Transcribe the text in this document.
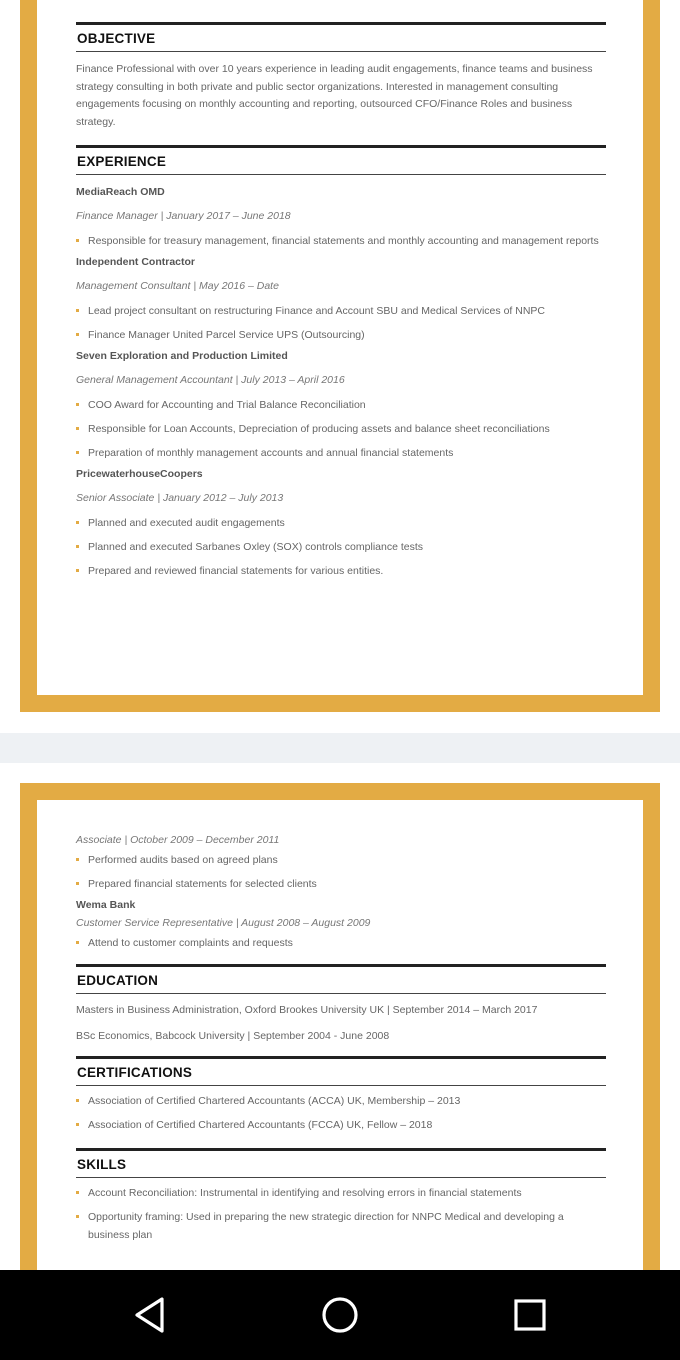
OBJECTIVE

Finance Professional with over 10 years experience in leading audit engagements, finance teams and business strategy consulting in both private and public sector organizations. Interested in management consulting engagements focusing on monthly accounting and reporting, outsourced CFO/Finance Roles and business strategy.

EXPERIENCE
MediaReach OMD
Finance Manager | January 2017 – June 2018
Responsible for treasury management, financial statements and monthly accounting and management reports
Independent Contractor
Management Consultant | May 2016 – Date
Lead project consultant on restructuring Finance and Account SBU and Medical Services of NNPC
Finance Manager United Parcel Service UPS (Outsourcing)
Seven Exploration and Production Limited
General Management Accountant | July 2013 – April 2016
COO Award for Accounting and Trial Balance Reconciliation
Responsible for Loan Accounts, Depreciation of producing assets and balance sheet reconciliations
Preparation of monthly management accounts and annual financial statements
PricewaterhouseCoopers
Senior Associate | January 2012 – July 2013
Planned and executed audit engagements
Planned and executed Sarbanes Oxley (SOX) controls compliance tests
Prepared and reviewed financial statements for various entities.
Associate | October 2009 – December 2011
Performed audits based on agreed plans
Prepared financial statements for selected clients
Wema Bank
Customer Service Representative | August 2008 – August 2009
Attend to customer complaints and requests
EDUCATION
Masters in Business Administration, Oxford Brookes University UK | September 2014 – March 2017
BSc Economics, Babcock University | September 2004 - June 2008
CERTIFICATIONS
Association of Certified Chartered Accountants (ACCA) UK, Membership – 2013
Association of Certified Chartered Accountants (FCCA) UK, Fellow – 2018
SKILLS
Account Reconciliation: Instrumental in identifying and resolving errors in financial statements
Opportunity framing: Used in preparing the new strategic direction for NNPC Medical and developing a business plan
